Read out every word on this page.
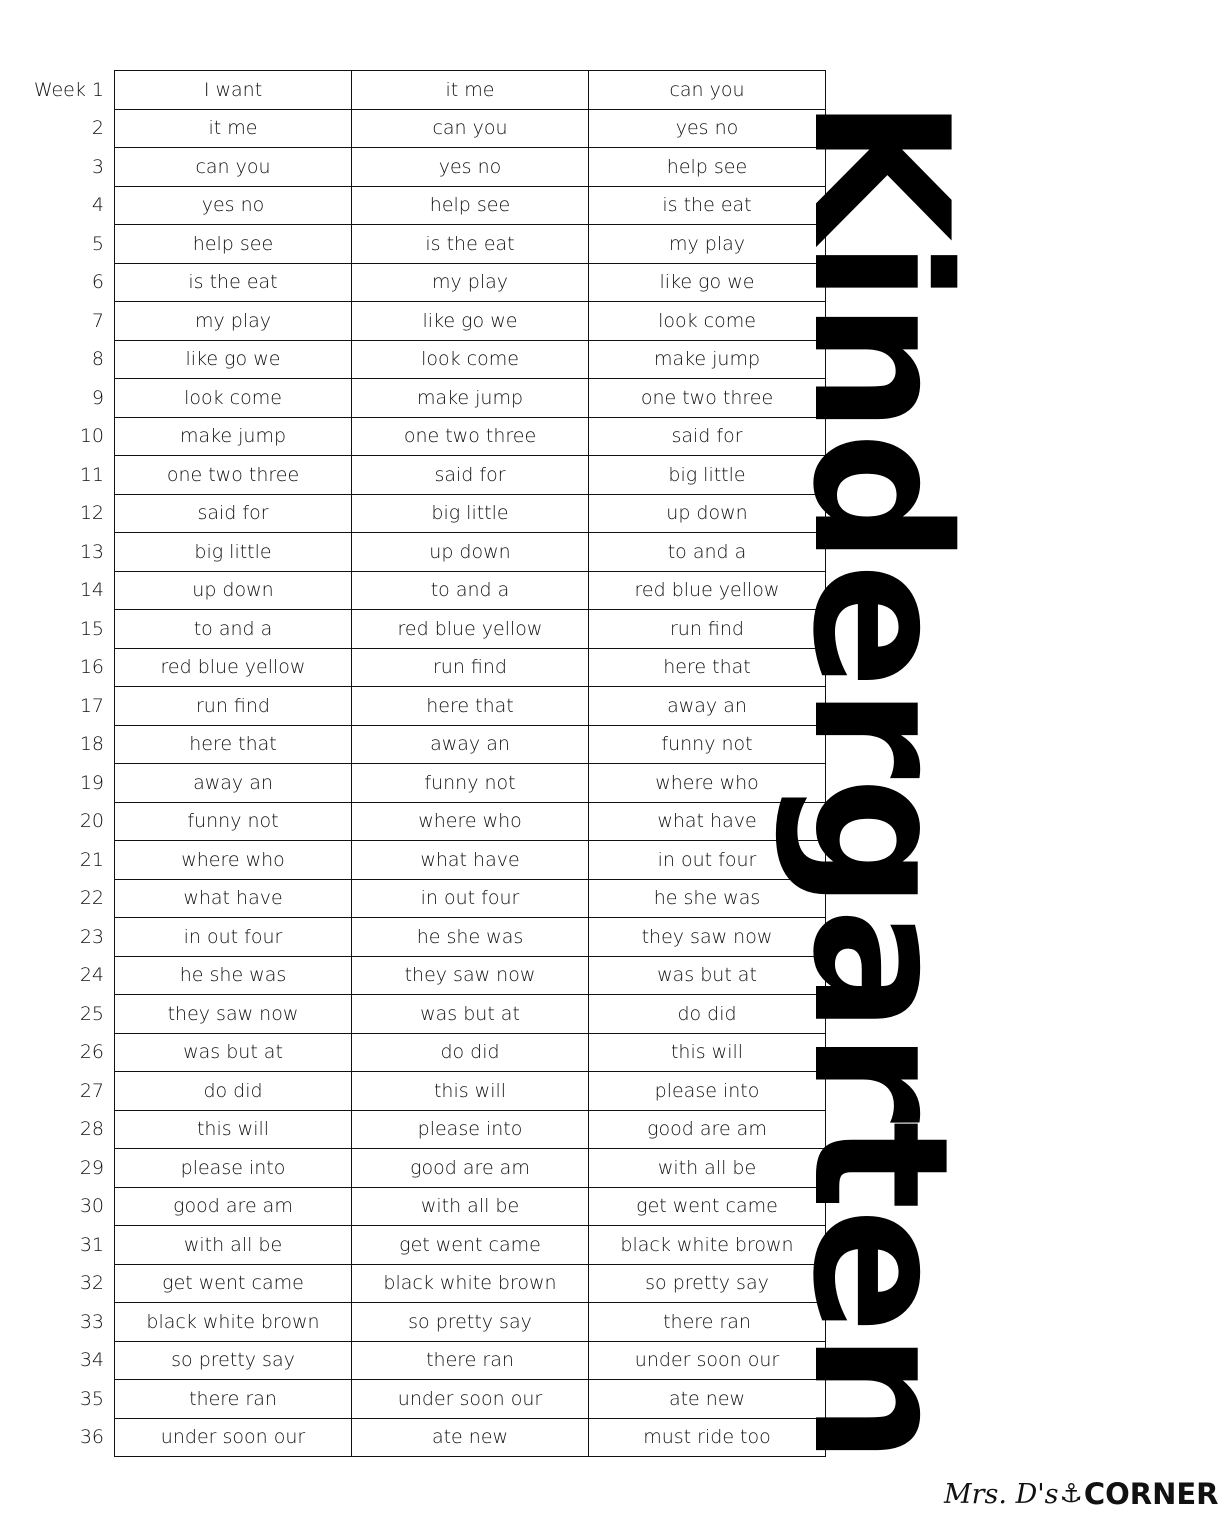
Week 1	I want	it me	can you
2	it me	can you	yes no
3	can you	yes no	help see
4	yes no	help see	is the eat
5	help see	is the eat	my play
6	is the eat	my play	like go we
7	my play	like go we	look come
8	like go we	look come	make jump
9	look come	make jump	one two three
10	make jump	one two three	said for
11	one two three	said for	big little
12	said for	big little	up down
13	big little	up down	to and a
14	up down	to and a	red blue yellow
15	to and a	red blue yellow	run find
16	red blue yellow	run find	here that
17	run find	here that	away an
18	here that	away an	funny not
19	away an	funny not	where who
20	funny not	where who	what have
21	where who	what have	in out four
22	what have	in out four	he she was
23	in out four	he she was	they saw now
24	he she was	they saw now	was but at
25	they saw now	was but at	do did
26	was but at	do did	this will
27	do did	this will	please into
28	this will	please into	good are am
29	please into	good are am	with all be
30	good are am	with all be	get went came
31	with all be	get went came	black white brown
32	get went came	black white brown	so pretty say
33	black white brown	so pretty say	there ran
34	so pretty say	there ran	under soon our
35	there ran	under soon our	ate new
36	under soon our	ate new	must ride too Kindergarten
Mrs. D's ⚓ CORNER
